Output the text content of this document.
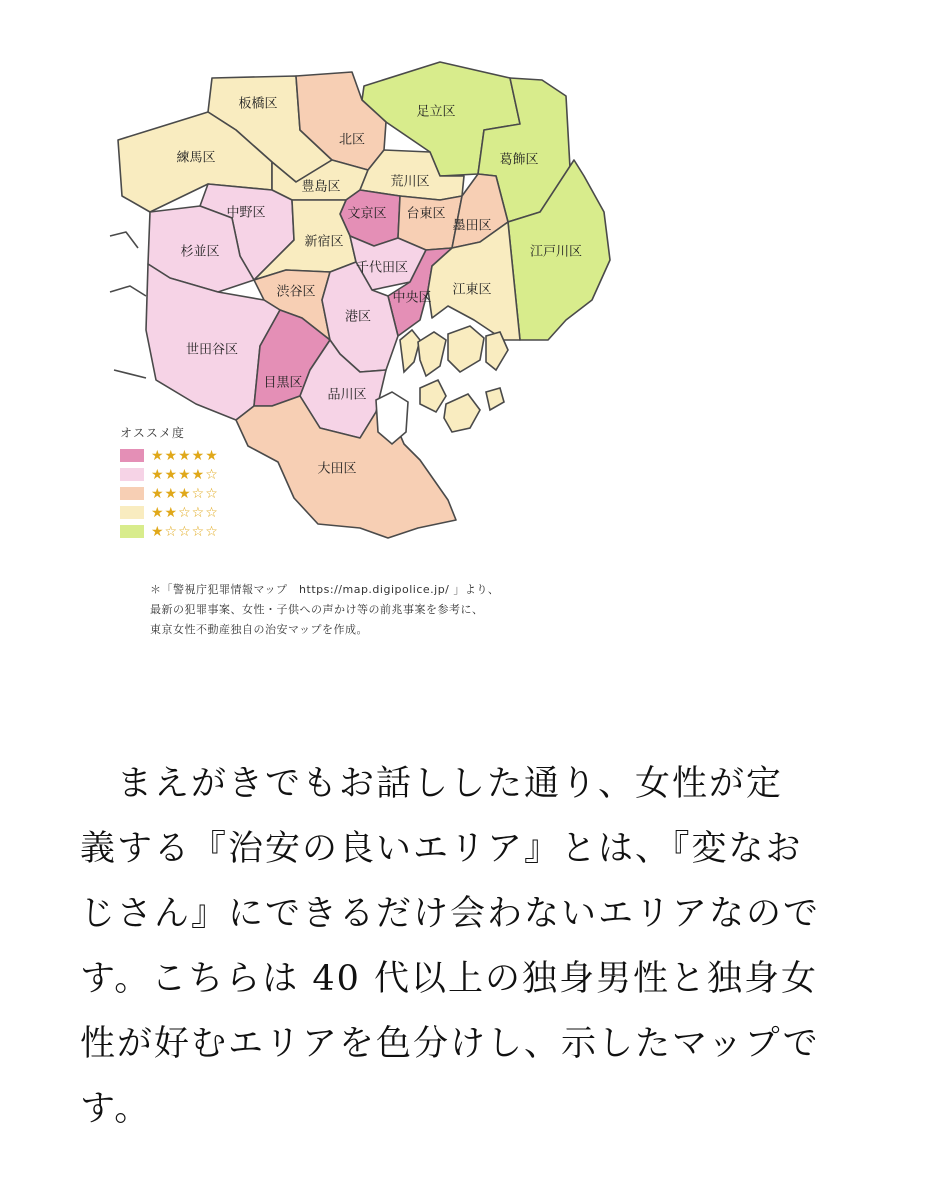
足立区
葛飾区
江戸川区
板橋区
練馬区
北区
豊島区	荒川区
中野区	文京区 台東区
墨田区
杉並区
新宿区
千代田区
中央区
江東区
渋谷区
港区
世田谷区
目黒区
品川区
大田区
オススメ度
★★★★★
★★★★☆
★★★☆☆
★★☆☆☆
★☆☆☆☆
＊「警視庁犯罪情報マップ　https://map.digipolice.jp/ 」より、
最新の犯罪事案、女性・子供への声かけ等の前兆事案を参考に、
東京女性不動産独自の治安マップを作成。
　まえがきでもお話しした通り、女性が定
義する『治安の良いエリア』とは、『変なお
じさん』にできるだけ会わないエリアなので
す。こちらは 40 代以上の独身男性と独身女
性が好むエリアを色分けし、示したマップで
す。
